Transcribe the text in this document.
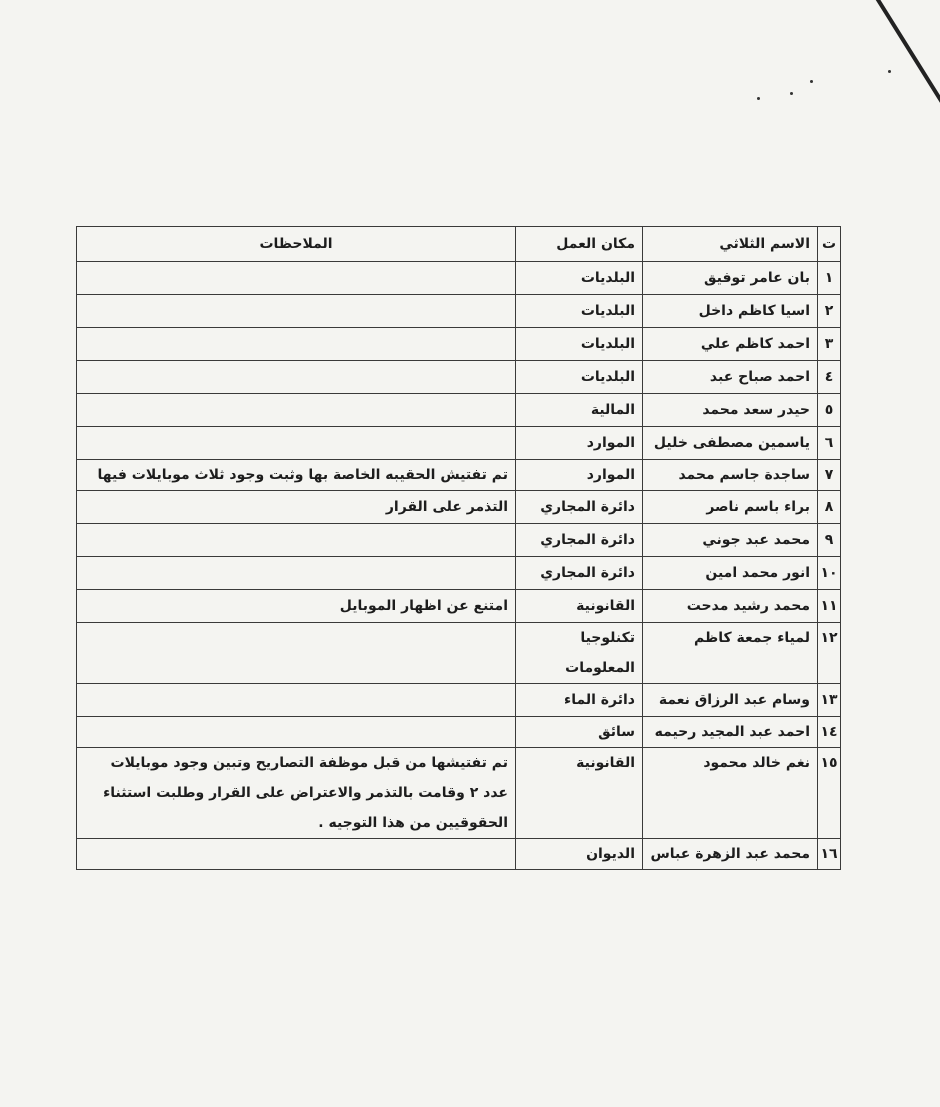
ت	الاسم الثلاثي	مكان العمل	الملاحظات
١	بان عامر توفيق	البلديات	
٢	اسيا كاظم داخل	البلديات	
٣	احمد كاظم علي	البلديات	
٤	احمد صباح عبد	البلديات	
٥	حيدر سعد محمد	المالية	
٦	ياسمين مصطفى خليل	الموارد	
٧	ساجدة جاسم محمد	الموارد	تم تفتيش الحقيبه الخاصة بها وثبت وجود ثلاث موبايلات فيها
٨	براء باسم ناصر	دائرة المجاري	التذمر على القرار
٩	محمد عبد جوني	دائرة المجاري	
١٠	انور محمد امين	دائرة المجاري	
١١	محمد رشيد مدحت	القانونية	امتنع عن اظهار الموبايل
١٢	لمياء جمعة كاظم	تكنلوجيا المعلومات	
١٣	وسام عبد الرزاق نعمة	دائرة الماء	
١٤	احمد عبد المجيد رحيمه	سائق	
١٥	نغم خالد محمود	القانونية	تم تفتيشها من قبل موظفة التصاريح وتبين وجود موبايلات عدد ٢ وقامت بالتذمر والاعتراض على القرار وطلبت استثناء الحقوقيين من هذا التوجيه .
١٦	محمد عبد الزهرة عباس	الديوان	
